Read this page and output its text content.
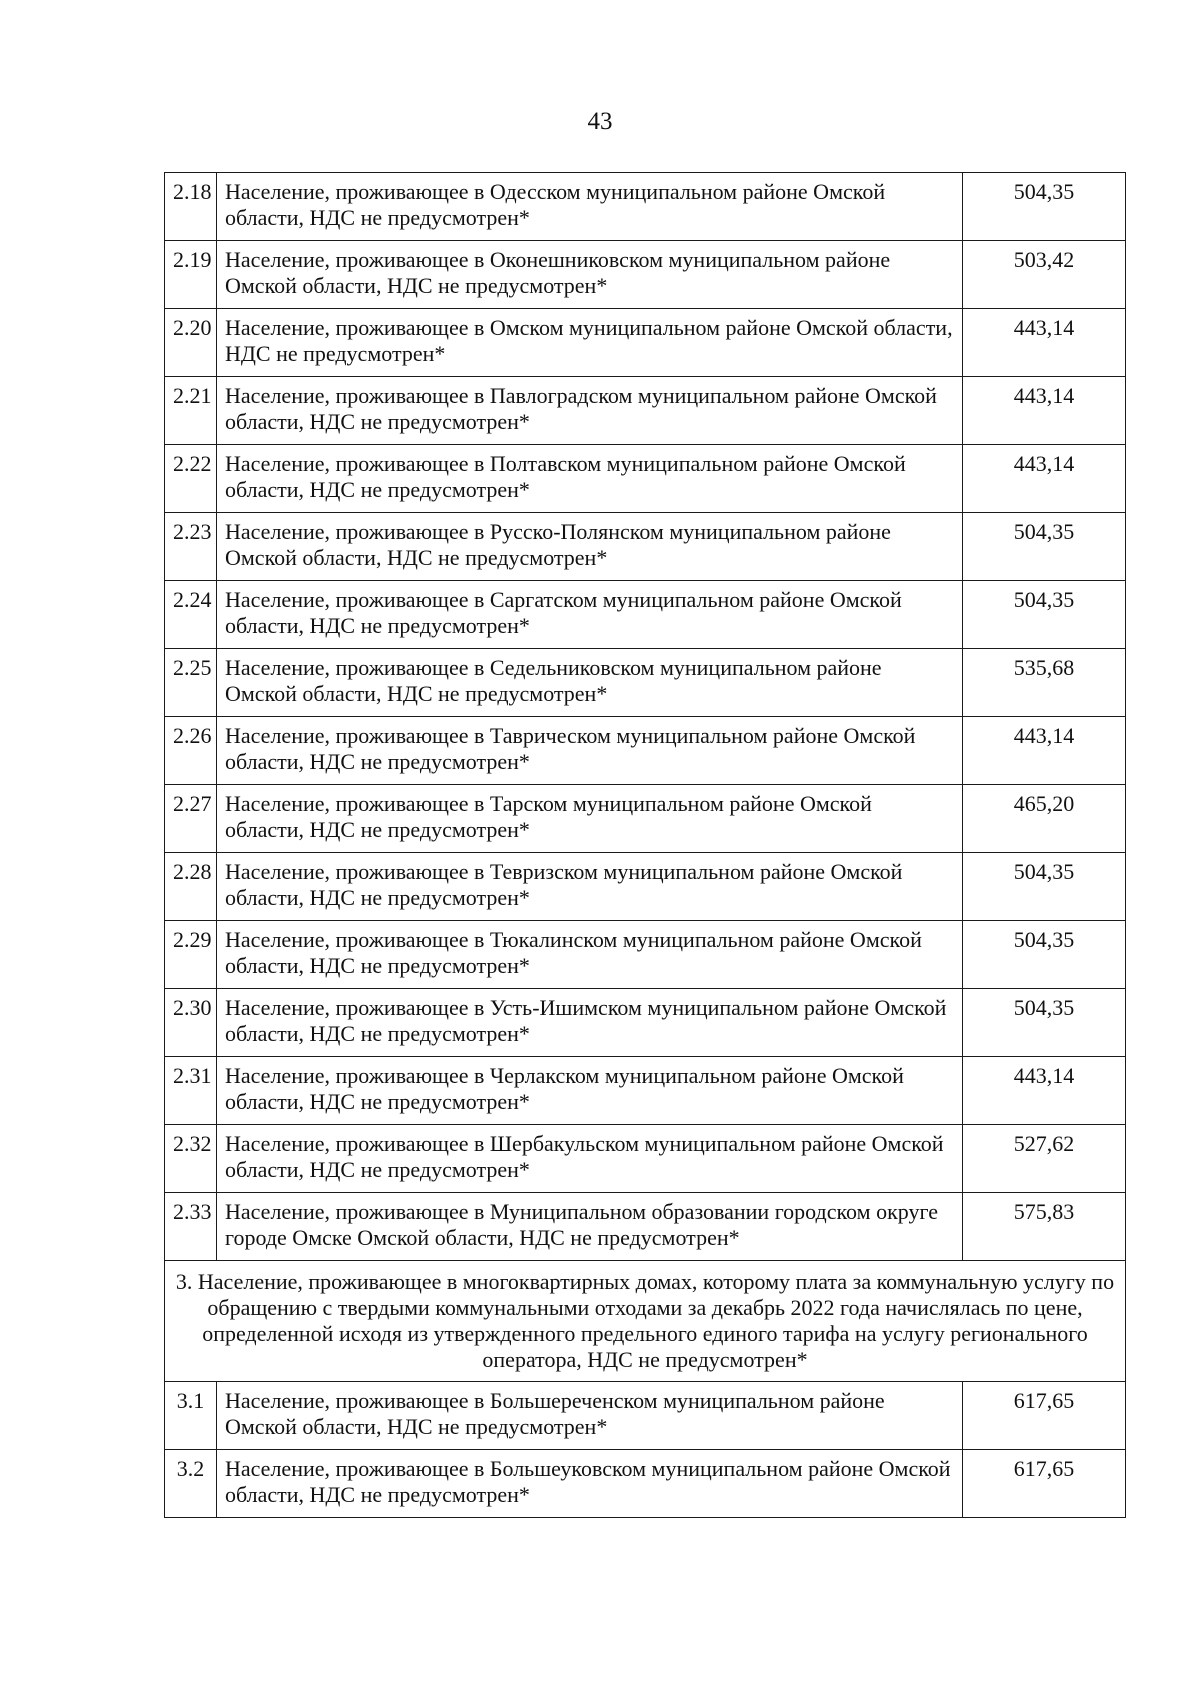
43
2.18	Население, проживающее в Одесском муниципальном районе Омской области, НДС не предусмотрен*	504,35
2.19	Население, проживающее в Оконешниковском муниципальном районе Омской области, НДС не предусмотрен*	503,42
2.20	Население, проживающее в Омском муниципальном районе Омской области, НДС не предусмотрен*	443,14
2.21	Население, проживающее в Павлоградском муниципальном районе Омской области, НДС не предусмотрен*	443,14
2.22	Население, проживающее в Полтавском муниципальном районе Омской области, НДС не предусмотрен*	443,14
2.23	Население, проживающее в Русско-Полянском муниципальном районе Омской области, НДС не предусмотрен*	504,35
2.24	Население, проживающее в Саргатском муниципальном районе Омской области, НДС не предусмотрен*	504,35
2.25	Население, проживающее в Седельниковском муниципальном районе Омской области, НДС не предусмотрен*	535,68
2.26	Население, проживающее в Таврическом муниципальном районе Омской области, НДС не предусмотрен*	443,14
2.27	Население, проживающее в Тарском муниципальном районе Омской области, НДС не предусмотрен*	465,20
2.28	Население, проживающее в Тевризском муниципальном районе Омской области, НДС не предусмотрен*	504,35
2.29	Население, проживающее в Тюкалинском муниципальном районе Омской области, НДС не предусмотрен*	504,35
2.30	Население, проживающее в Усть-Ишимском муниципальном районе Омской области, НДС не предусмотрен*	504,35
2.31	Население, проживающее в Черлакском муниципальном районе Омской области, НДС не предусмотрен*	443,14
2.32	Население, проживающее в Шербакульском муниципальном районе Омской области, НДС не предусмотрен*	527,62
2.33	Население, проживающее в Муниципальном образовании городском округе городе Омске Омской области, НДС не предусмотрен*	575,83
3. Население, проживающее в многоквартирных домах, которому плата за коммунальную услугу по обращению с твердыми коммунальными отходами за декабрь 2022 года начислялась по цене, определенной исходя из утвержденного предельного единого тарифа на услугу регионального оператора, НДС не предусмотрен*		
3.1	Население, проживающее в Большереченском муниципальном районе Омской области, НДС не предусмотрен*	617,65
3.2	Население, проживающее в Большеуковском муниципальном районе Омской области, НДС не предусмотрен*	617,65
